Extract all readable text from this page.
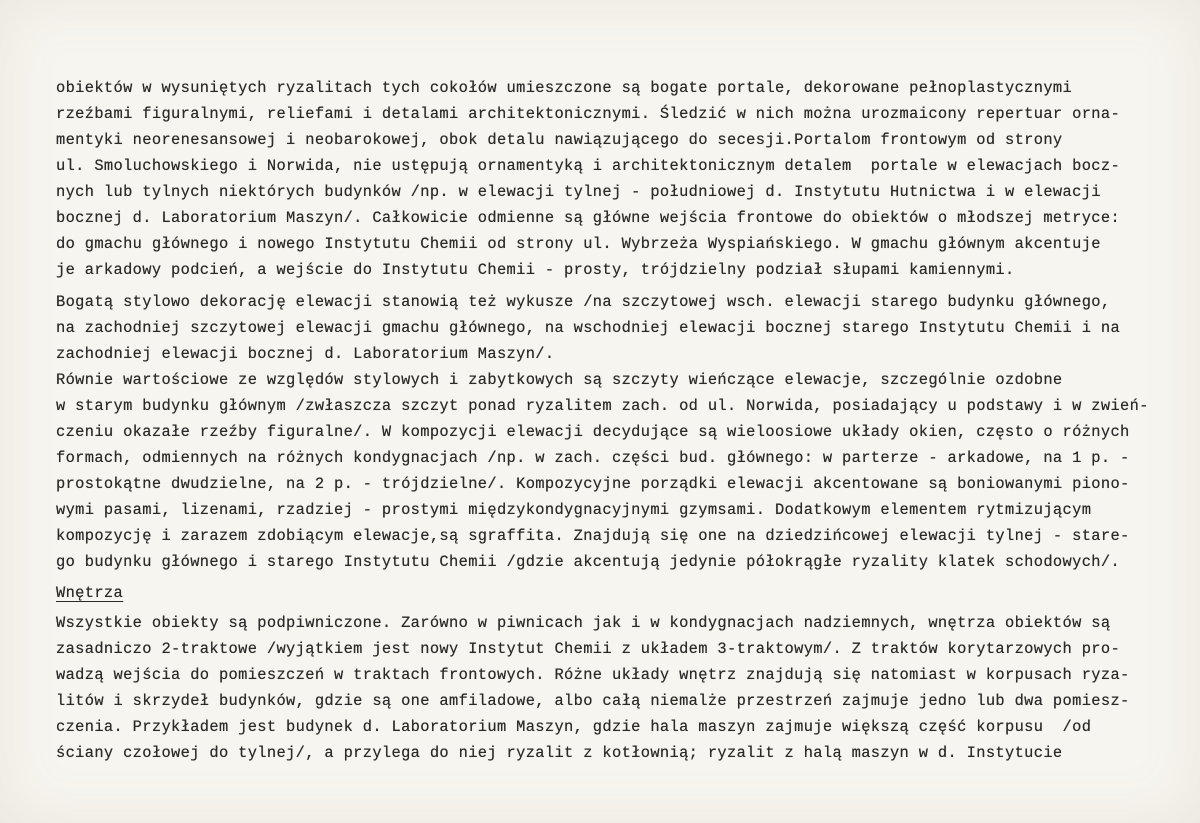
obiektów w wysuniętych ryzalitach tych cokołów umieszczone są bogate portale, dekorowane pełnoplastycznymi
rzeźbami figuralnymi, reliefami i detalami architektonicznymi. Śledzić w nich można urozmaicony repertuar orna-
mentyki neorenesansowej i neobarokowej, obok detalu nawiązującego do secesji.Portalom frontowym od strony
ul. Smoluchowskiego i Norwida, nie ustępują ornamentyką i architektonicznym detalem  portale w elewacjach bocz-
nych lub tylnych niektórych budynków /np. w elewacji tylnej - południowej d. Instytutu Hutnictwa i w elewacji
bocznej d. Laboratorium Maszyn/. Całkowicie odmienne są główne wejścia frontowe do obiektów o młodszej metryce:
do gmachu głównego i nowego Instytutu Chemii od strony ul. Wybrzeża Wyspiańskiego. W gmachu głównym akcentuje
je arkadowy podcień, a wejście do Instytutu Chemii - prosty, trójdzielny podział słupami kamiennymi.
Bogatą stylowo dekorację elewacji stanowią też wykusze /na szczytowej wsch. elewacji starego budynku głównego,
na zachodniej szczytowej elewacji gmachu głównego, na wschodniej elewacji bocznej starego Instytutu Chemii i na
zachodniej elewacji bocznej d. Laboratorium Maszyn/.
Równie wartościowe ze względów stylowych i zabytkowych są szczyty wieńczące elewacje, szczególnie ozdobne
w starym budynku głównym /zwłaszcza szczyt ponad ryzalitem zach. od ul. Norwida, posiadający u podstawy i w zwień-
czeniu okazałe rzeźby figuralne/. W kompozycji elewacji decydujące są wieloosiowe układy okien, często o różnych
formach, odmiennych na różnych kondygnacjach /np. w zach. części bud. głównego: w parterze - arkadowe, na 1 p. -
prostokątne dwudzielne, na 2 p. - trójdzielne/. Kompozycyjne porządki elewacji akcentowane są boniowanymi piono-
wymi pasami, lizenami, rzadziej - prostymi międzykondygnacyjnymi gzymsami. Dodatkowym elementem rytmizującym
kompozycję i zarazem zdobiącym elewacje,są sgraffita. Znajdują się one na dziedzińcowej elewacji tylnej - stare-
go budynku głównego i starego Instytutu Chemii /gdzie akcentują jedynie półokrągłe ryzality klatek schodowych/.
Wnętrza
Wszystkie obiekty są podpiwniczone. Zarówno w piwnicach jak i w kondygnacjach nadziemnych, wnętrza obiektów są
zasadniczo 2-traktowe /wyjątkiem jest nowy Instytut Chemii z układem 3-traktowym/. Z traktów korytarzowych pro-
wadzą wejścia do pomieszczeń w traktach frontowych. Różne układy wnętrz znajdują się natomiast w korpusach ryza-
litów i skrzydeł budynków, gdzie są one amfiladowe, albo całą niemalże przestrzeń zajmuje jedno lub dwa pomiesz-
czenia. Przykładem jest budynek d. Laboratorium Maszyn, gdzie hala maszyn zajmuje większą część korpusu  /od
ściany czołowej do tylnej/, a przylega do niej ryzalit z kotłownią; ryzalit z halą maszyn w d. Instytucie
